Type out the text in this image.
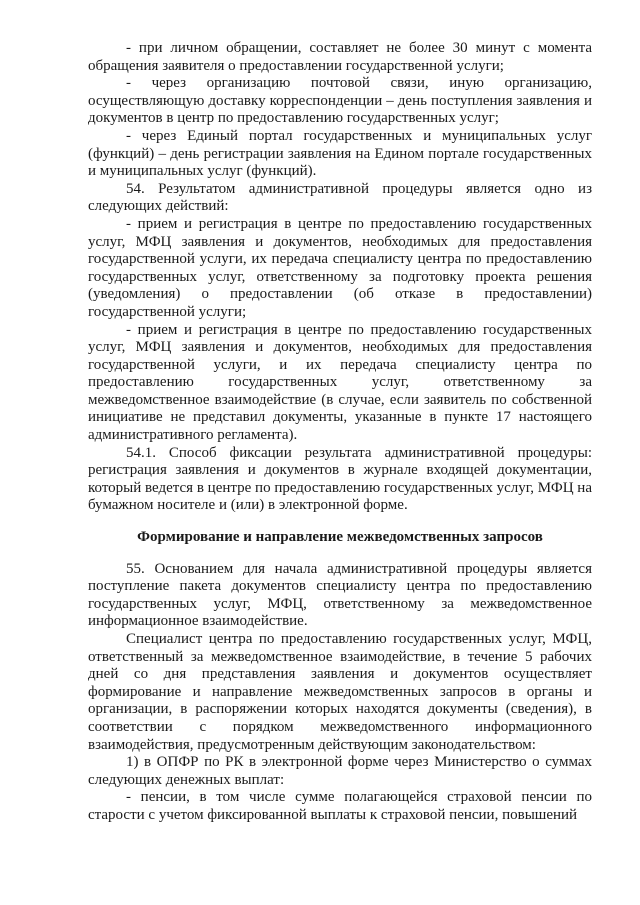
- при личном обращении, составляет не более 30 минут с момента обращения заявителя о предоставлении государственной услуги;

- через организацию почтовой связи, иную организацию, осуществляющую доставку корреспонденции – день поступления заявления и документов в центр по предоставлению государственных услуг;

- через Единый портал государственных и муниципальных услуг (функций) – день регистрации заявления на Едином портале государственных и муниципальных услуг (функций).

54. Результатом административной процедуры является одно из следующих действий:

- прием и регистрация в центре по предоставлению государственных услуг, МФЦ заявления и документов, необходимых для предоставления государственной услуги, их передача специалисту центра по предоставлению государственных услуг, ответственному за подготовку проекта решения (уведомления) о предоставлении (об отказе в предоставлении) государственной услуги;

- прием и регистрация в центре по предоставлению государственных услуг, МФЦ заявления и документов, необходимых для предоставления государственной услуги, и их передача специалисту центра по предоставлению государственных услуг, ответственному за межведомственное взаимодействие (в случае, если заявитель по собственной инициативе не представил документы, указанные в пункте 17 настоящего административного регламента).

54.1. Способ фиксации результата административной процедуры: регистрация заявления и документов в журнале входящей документации, который ведется в центре по предоставлению государственных услуг, МФЦ на бумажном носителе и (или) в электронной форме.

Формирование и направление межведомственных запросов

55. Основанием для начала административной процедуры является поступление пакета документов специалисту центра по предоставлению государственных услуг, МФЦ, ответственному за межведомственное информационное взаимодействие.

Специалист центра по предоставлению государственных услуг, МФЦ, ответственный за межведомственное взаимодействие, в течение 5 рабочих дней со дня представления заявления и документов осуществляет формирование и направление межведомственных запросов в органы и организации, в распоряжении которых находятся документы (сведения), в соответствии с порядком межведомственного информационного взаимодействия, предусмотренным действующим законодательством:

1) в ОПФР по РК в электронной форме через Министерство о суммах следующих денежных выплат:

- пенсии, в том числе сумме полагающейся страховой пенсии по старости с учетом фиксированной выплаты к страховой пенсии, повышений
